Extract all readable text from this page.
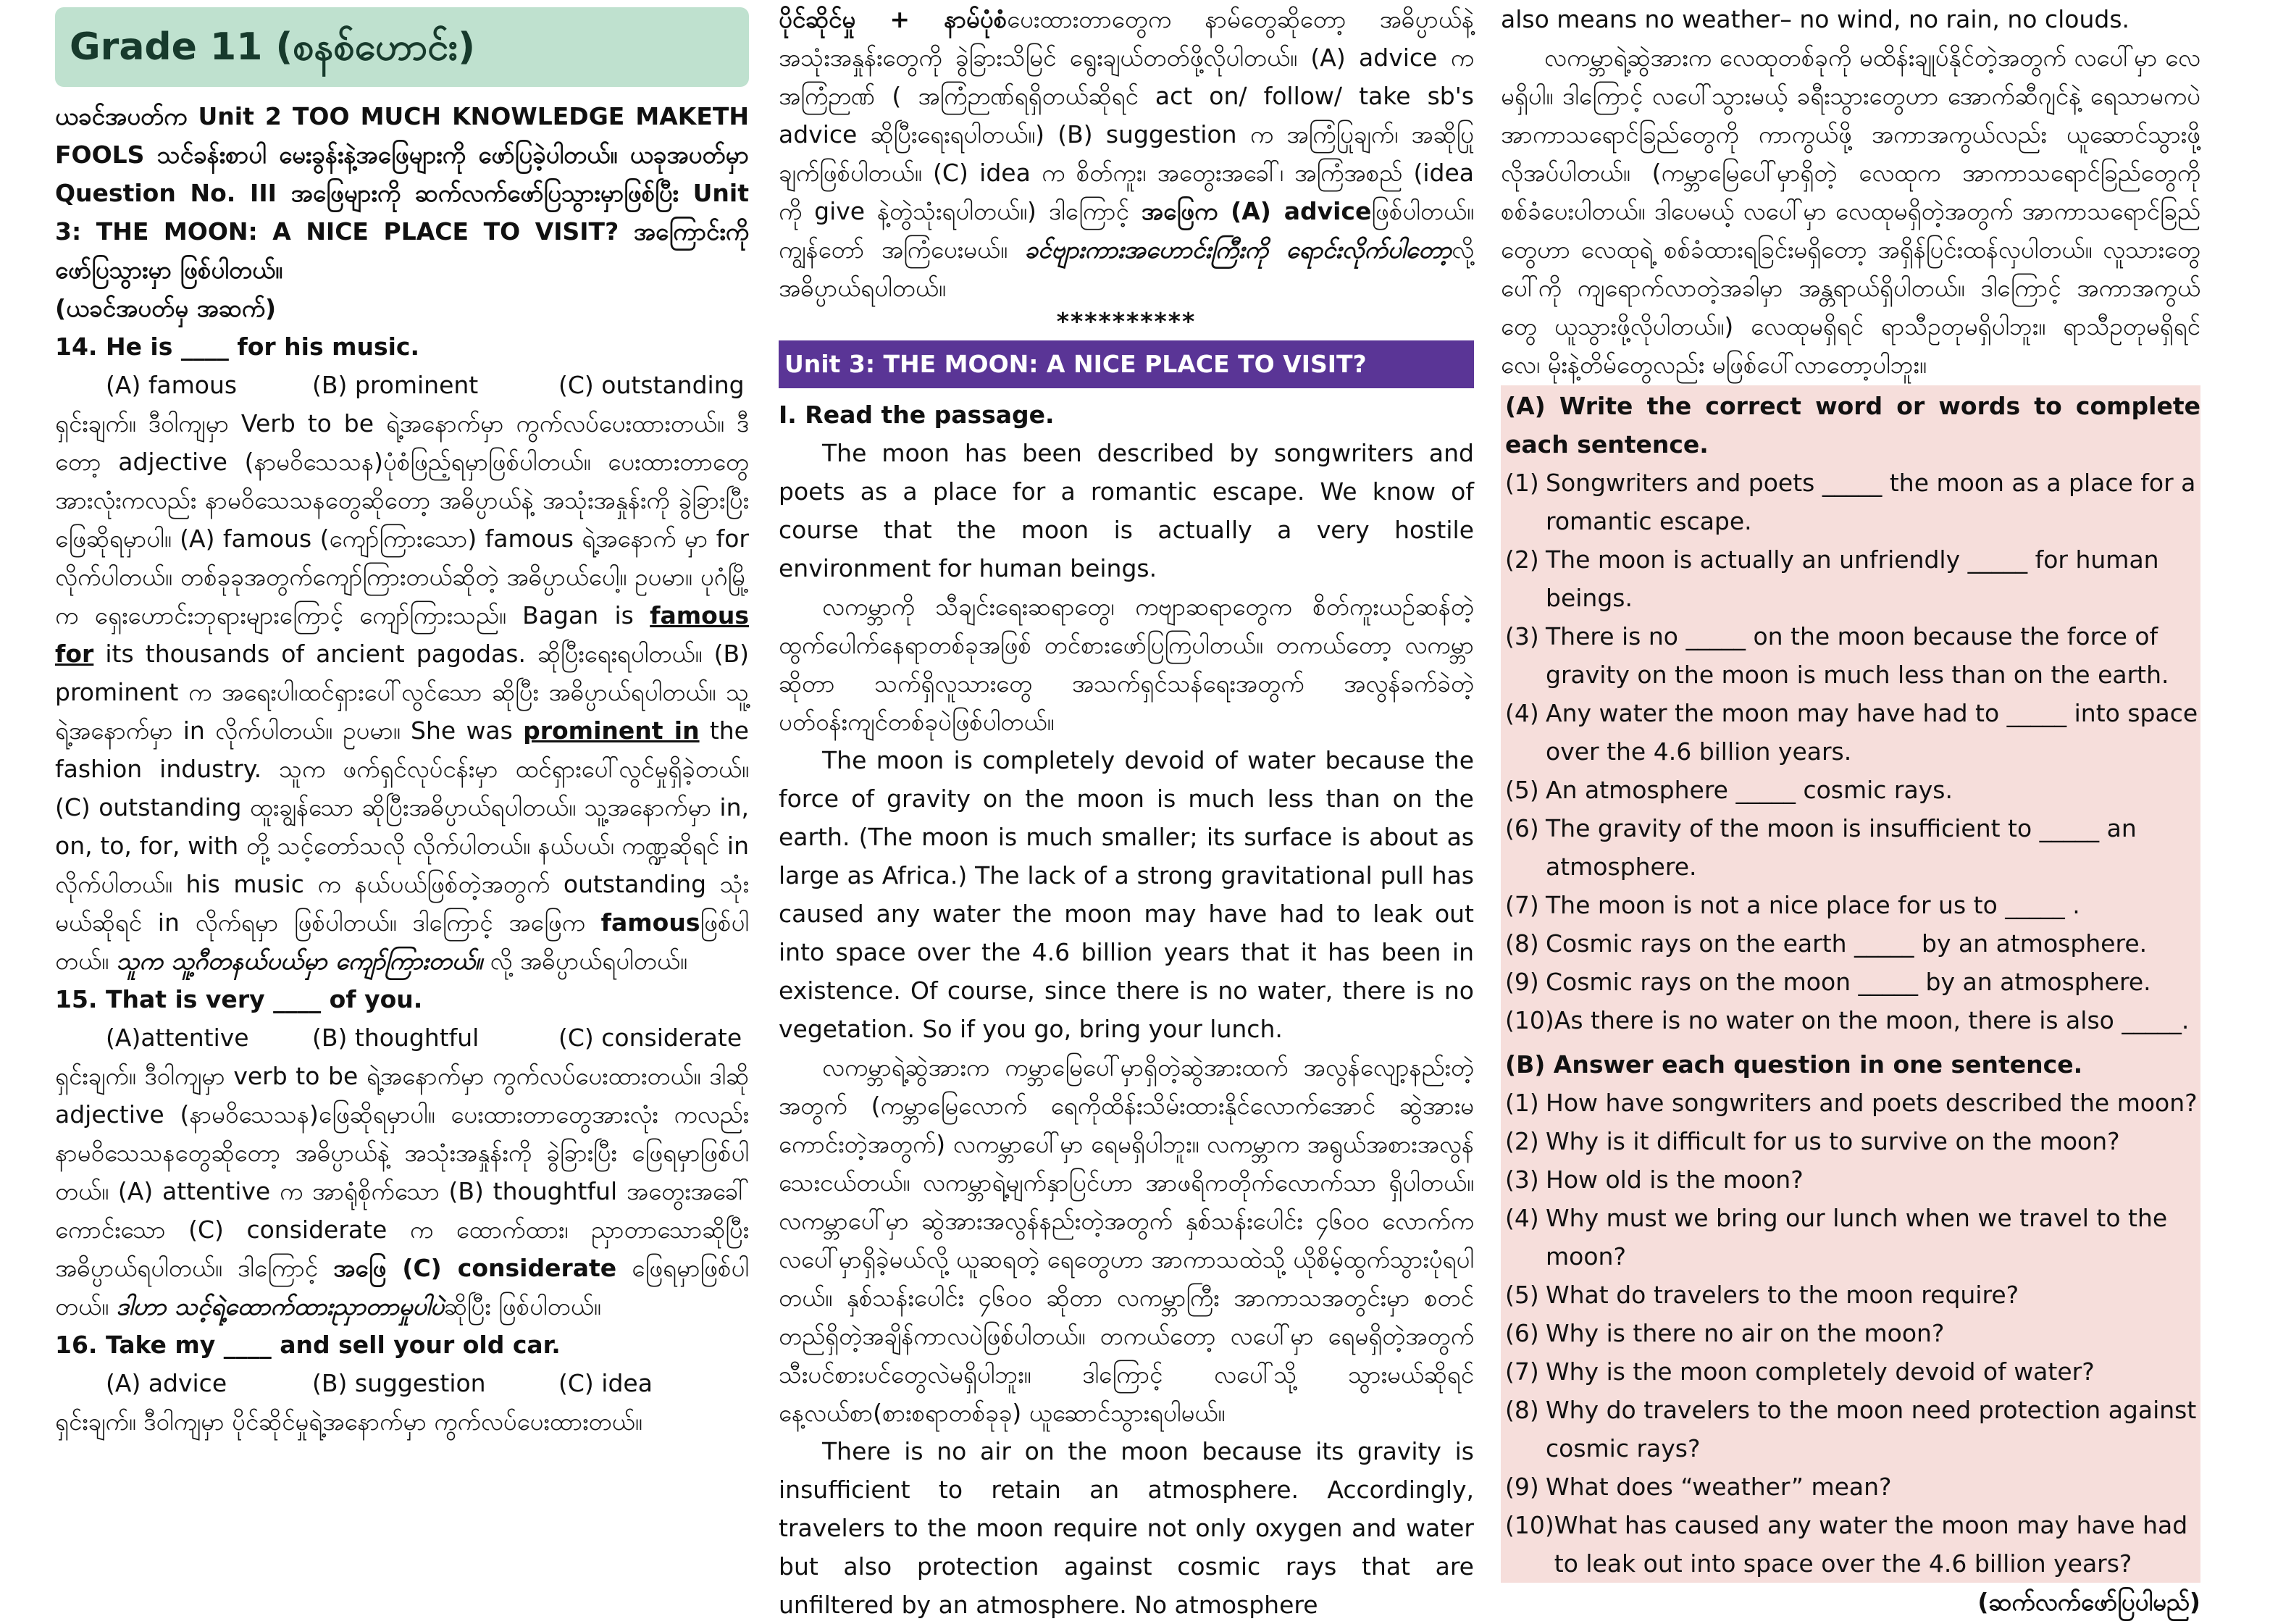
Grade 11 (စနစ်ဟောင်း)

ယခင်အပတ်က Unit 2 TOO MUCH KNOWLEDGE MAKETH FOOLS သင်ခန်းစာပါ မေးခွန်းနဲ့အဖြေများကို ဖော်ပြခဲ့ပါတယ်။ ယခုအပတ်မှာ Question No. III အဖြေများကို ဆက်လက်ဖော်ပြသွားမှာဖြစ်ပြီး Unit 3: THE MOON: A NICE PLACE TO VISIT? အကြောင်းကို ဖော်ပြသွားမှာ ဖြစ်ပါတယ်။

(ယခင်အပတ်မှ အဆက်)

14. He is ____ for his music.

(A) famous	(B) prominent	(C) outstanding

ရှင်းချက်။ ဒီဝါကျမှာ Verb to be ရဲ့အနောက်မှာ ကွက်လပ်ပေးထားတယ်။ ဒီတော့ adjective (နာမဝိသေသန)ပုံစံဖြည့်ရမှာဖြစ်ပါတယ်။ ပေးထားတာတွေ အားလုံးကလည်း နာမဝိသေသနတွေဆိုတော့ အဓိပ္ပာယ်နဲ့ အသုံးအနှုန်းကို ခွဲခြားပြီး ဖြေဆိုရမှာပါ။ (A) famous (ကျော်ကြားသော) famous ရဲ့အနောက် မှာ for လိုက်ပါတယ်။ တစ်ခုခုအတွက်ကျော်ကြားတယ်ဆိုတဲ့ အဓိပ္ပာယ်ပေါ့။ ဥပမာ။ ပုဂံမြို့က ရှေးဟောင်းဘုရားများကြောင့် ကျော်ကြားသည်။ Bagan is famous for its thousands of ancient pagodas. ဆိုပြီးရေးရပါတယ်။ (B) prominent က အရေးပါ၊ထင်ရှားပေါ်လွင်သော ဆိုပြီး အဓိပ္ပာယ်ရပါတယ်။ သူ့ရဲ့အနောက်မှာ in လိုက်ပါတယ်။ ဥပမာ။ She was prominent in the fashion industry. သူက ဖက်ရှင်လုပ်ငန်းမှာ ထင်ရှားပေါ်လွင်မှုရှိခဲ့တယ်။ (C) outstanding ထူးချွန်သော ဆိုပြီးအဓိပ္ပာယ်ရပါတယ်။ သူ့အနောက်မှာ in, on, to, for, with တို့ သင့်တော်သလို လိုက်ပါတယ်။ နယ်ပယ်၊ ကဏ္ဍဆိုရင် in လိုက်ပါတယ်။ his music က နယ်ပယ်ဖြစ်တဲ့အတွက် outstanding သုံးမယ်ဆိုရင် in လိုက်ရမှာ ဖြစ်ပါတယ်။ ဒါကြောင့် အဖြေက famousဖြစ်ပါတယ်။ သူက သူ့ဂီတနယ်ပယ်မှာ ကျော်ကြားတယ်။ လို့ အဓိပ္ပာယ်ရပါတယ်။

15. That is very ____ of you.

(A)attentive	(B) thoughtful	(C) considerate

ရှင်းချက်။ ဒီဝါကျမှာ verb to be ရဲ့အနောက်မှာ ကွက်လပ်ပေးထားတယ်။ ဒါဆို adjective (နာမဝိသေသန)ဖြေဆိုရမှာပါ။ ပေးထားတာတွေအားလုံး ကလည်း နာမဝိသေသနတွေဆိုတော့ အဓိပ္ပာယ်နဲ့ အသုံးအနှုန်းကို ခွဲခြားပြီး ဖြေရမှာဖြစ်ပါတယ်။ (A) attentive က အာရုံစိုက်သော (B) thoughtful အတွေးအခေါ်ကောင်းသော (C) considerate က ထောက်ထား၊ ညှာတာသောဆိုပြီး အဓိပ္ပာယ်ရပါတယ်။ ဒါကြောင့် အဖြေ (C) considerate ဖြေရမှာဖြစ်ပါတယ်။ ဒါဟာ သင့်ရဲ့ထောက်ထားညှာတာမှုပါပဲဆိုပြီး ဖြစ်ပါတယ်။

16. Take my ____ and sell your old car.

(A) advice	(B) suggestion	(C) idea

ရှင်းချက်။ ဒီဝါကျမှာ ပိုင်ဆိုင်မှုရဲ့အနောက်မှာ ကွက်လပ်ပေးထားတယ်။

ပိုင်ဆိုင်မှု + နာမ်ပုံစံပေးထားတာတွေက နာမ်တွေဆိုတော့ အဓိပ္ပာယ်နဲ့ အသုံးအနှုန်းတွေကို ခွဲခြားသိမြင် ရွေးချယ်တတ်ဖို့လိုပါတယ်။ (A) advice က အကြံဉာဏ် ( အကြံဉာဏ်ရရှိတယ်ဆိုရင် act on/ follow/ take sb's advice ဆိုပြီးရေးရပါတယ်။) (B) suggestion က အကြံပြုချက်၊ အဆိုပြုချက်ဖြစ်ပါတယ်။ (C) idea က စိတ်ကူး၊ အတွေးအခေါ်၊ အကြံအစည် (idea ကို give နဲ့တွဲသုံးရပါတယ်။) ဒါကြောင့် အဖြေက (A) adviceဖြစ်ပါတယ်။ ကျွန်တော် အကြံပေးမယ်။ ခင်ဗျားကားအဟောင်းကြီးကို ရောင်းလိုက်ပါတော့လို့ အဓိပ္ပာယ်ရပါတယ်။

**********

Unit 3: THE MOON: A NICE PLACE TO VISIT?

I. Read the passage.

The moon has been described by songwriters and poets as a place for a romantic escape. We know of course that the moon is actually a very hostile environment for human beings.

လကမ္ဘာကို သီချင်းရေးဆရာတွေ၊ ကဗျာဆရာတွေက စိတ်ကူးယဉ်ဆန်တဲ့ထွက်ပေါက်နေရာတစ်ခုအဖြစ် တင်စားဖော်ပြကြပါတယ်။ တကယ်တော့ လကမ္ဘာဆိုတာ သက်ရှိလူသားတွေ အသက်ရှင်သန်ရေးအတွက် အလွန်ခက်ခဲတဲ့ ပတ်ဝန်းကျင်တစ်ခုပဲဖြစ်ပါတယ်။

The moon is completely devoid of water because the force of gravity on the moon is much less than on the earth. (The moon is much smaller; its surface is about as large as Africa.) The lack of a strong gravitational pull has caused any water the moon may have had to leak out into space over the 4.6 billion years that it has been in existence. Of course, since there is no water, there is no vegetation. So if you go, bring your lunch.

လကမ္ဘာရဲ့ဆွဲအားက ကမ္ဘာမြေပေါ်မှာရှိတဲ့ဆွဲအားထက် အလွန်လျော့နည်းတဲ့အတွက် (ကမ္ဘာမြေလောက် ရေကိုထိန်းသိမ်းထားနိုင်လောက်အောင် ဆွဲအားမကောင်းတဲ့အတွက်) လကမ္ဘာပေါ်မှာ ရေမရှိပါဘူး။ လကမ္ဘာက အရွယ်အစားအလွန်သေးငယ်တယ်။ လကမ္ဘာရဲ့မျက်နှာပြင်ဟာ အာဖရိကတိုက်လောက်သာ ရှိပါတယ်။ လကမ္ဘာပေါ်မှာ ဆွဲအားအလွန်နည်းတဲ့အတွက် နှစ်သန်းပေါင်း ၄၆၀၀ လောက်က လပေါ်မှာရှိခဲ့မယ်လို့ ယူဆရတဲ့ ရေတွေဟာ အာကာသထဲသို့ ယိုစိမ့်ထွက်သွားပုံရပါတယ်။ နှစ်သန်းပေါင်း ၄၆၀၀ ဆိုတာ လကမ္ဘာကြီး အာကာသအတွင်းမှာ စတင်တည်ရှိတဲ့အချိန်ကာလပဲဖြစ်ပါတယ်။ တကယ်တော့ လပေါ်မှာ ရေမရှိတဲ့အတွက် သီးပင်စားပင်တွေလဲမရှိပါဘူး။ ဒါကြောင့် လပေါ်သို့ သွားမယ်ဆိုရင် နေ့လယ်စာ(စားစရာတစ်ခုခု) ယူဆောင်သွားရပါမယ်။

There is no air on the moon because its gravity is insufficient to retain an atmosphere. Accordingly, travelers to the moon require not only oxygen and water but also protection against cosmic rays that are unfiltered by an atmosphere. No atmosphere

also means no weather– no wind, no rain, no clouds.

လကမ္ဘာရဲ့ဆွဲအားက လေထုတစ်ခုကို မထိန်းချုပ်နိုင်တဲ့အတွက် လပေါ်မှာ လေမရှိပါ။ ဒါကြောင့် လပေါ်သွားမယ့် ခရီးသွားတွေဟာ အောက်ဆီဂျင်နဲ့ ရေသာမကပဲ အာကာသရောင်ခြည်တွေကို ကာကွယ်ဖို့ အကာအကွယ်လည်း ယူဆောင်သွားဖို့ လိုအပ်ပါတယ်။ (ကမ္ဘာမြေပေါ်မှာရှိတဲ့ လေထုက အာကာသရောင်ခြည်တွေကို စစ်ခံပေးပါတယ်။ ဒါပေမယ့် လပေါ်မှာ လေထုမရှိတဲ့အတွက် အာကာသရောင်ခြည်တွေဟာ လေထုရဲ့ စစ်ခံထားရခြင်းမရှိတော့ အရှိန်ပြင်းထန်လှပါတယ်။ လူသားတွေပေါ်ကို ကျရောက်လာတဲ့အခါမှာ အန္တရာယ်ရှိပါတယ်။ ဒါကြောင့် အကာအကွယ်တွေ ယူသွားဖို့လိုပါတယ်။) လေထုမရှိရင် ရာသီဥတုမရှိပါဘူး။ ရာသီဥတုမရှိရင် လေ၊ မိုးနဲ့တိမ်တွေလည်း မဖြစ်ပေါ်လာတော့ပါဘူး။

(A) Write the correct word or words to complete each sentence.

(1) Songwriters and poets _____ the moon as a place for a romantic escape.
(2) The moon is actually an unfriendly _____ for human beings.
(3) There is no _____ on the moon because the force of gravity on the moon is much less than on the earth.
(4) Any water the moon may have had to _____ into space over the 4.6 billion years.
(5) An atmosphere _____ cosmic rays.
(6) The gravity of the moon is insufficient to _____ an atmosphere.
(7) The moon is not a nice place for us to _____ .
(8) Cosmic rays on the earth _____ by an atmosphere.
(9) Cosmic rays on the moon _____ by an atmosphere.
(10) As there is no water on the moon, there is also _____.

(B) Answer each question in one sentence.

(1) How have songwriters and poets described the moon?
(2) Why is it difficult for us to survive on the moon?
(3) How old is the moon?
(4) Why must we bring our lunch when we travel to the moon?
(5) What do travelers to the moon require?
(6) Why is there no air on the moon?
(7) Why is the moon completely devoid of water?
(8) Why do travelers to the moon need protection against cosmic rays?
(9) What does “weather” mean?
(10) What has caused any water the moon may have had to leak out into space over the 4.6 billion years?

(ဆက်လက်ဖော်ပြပါမည်)
